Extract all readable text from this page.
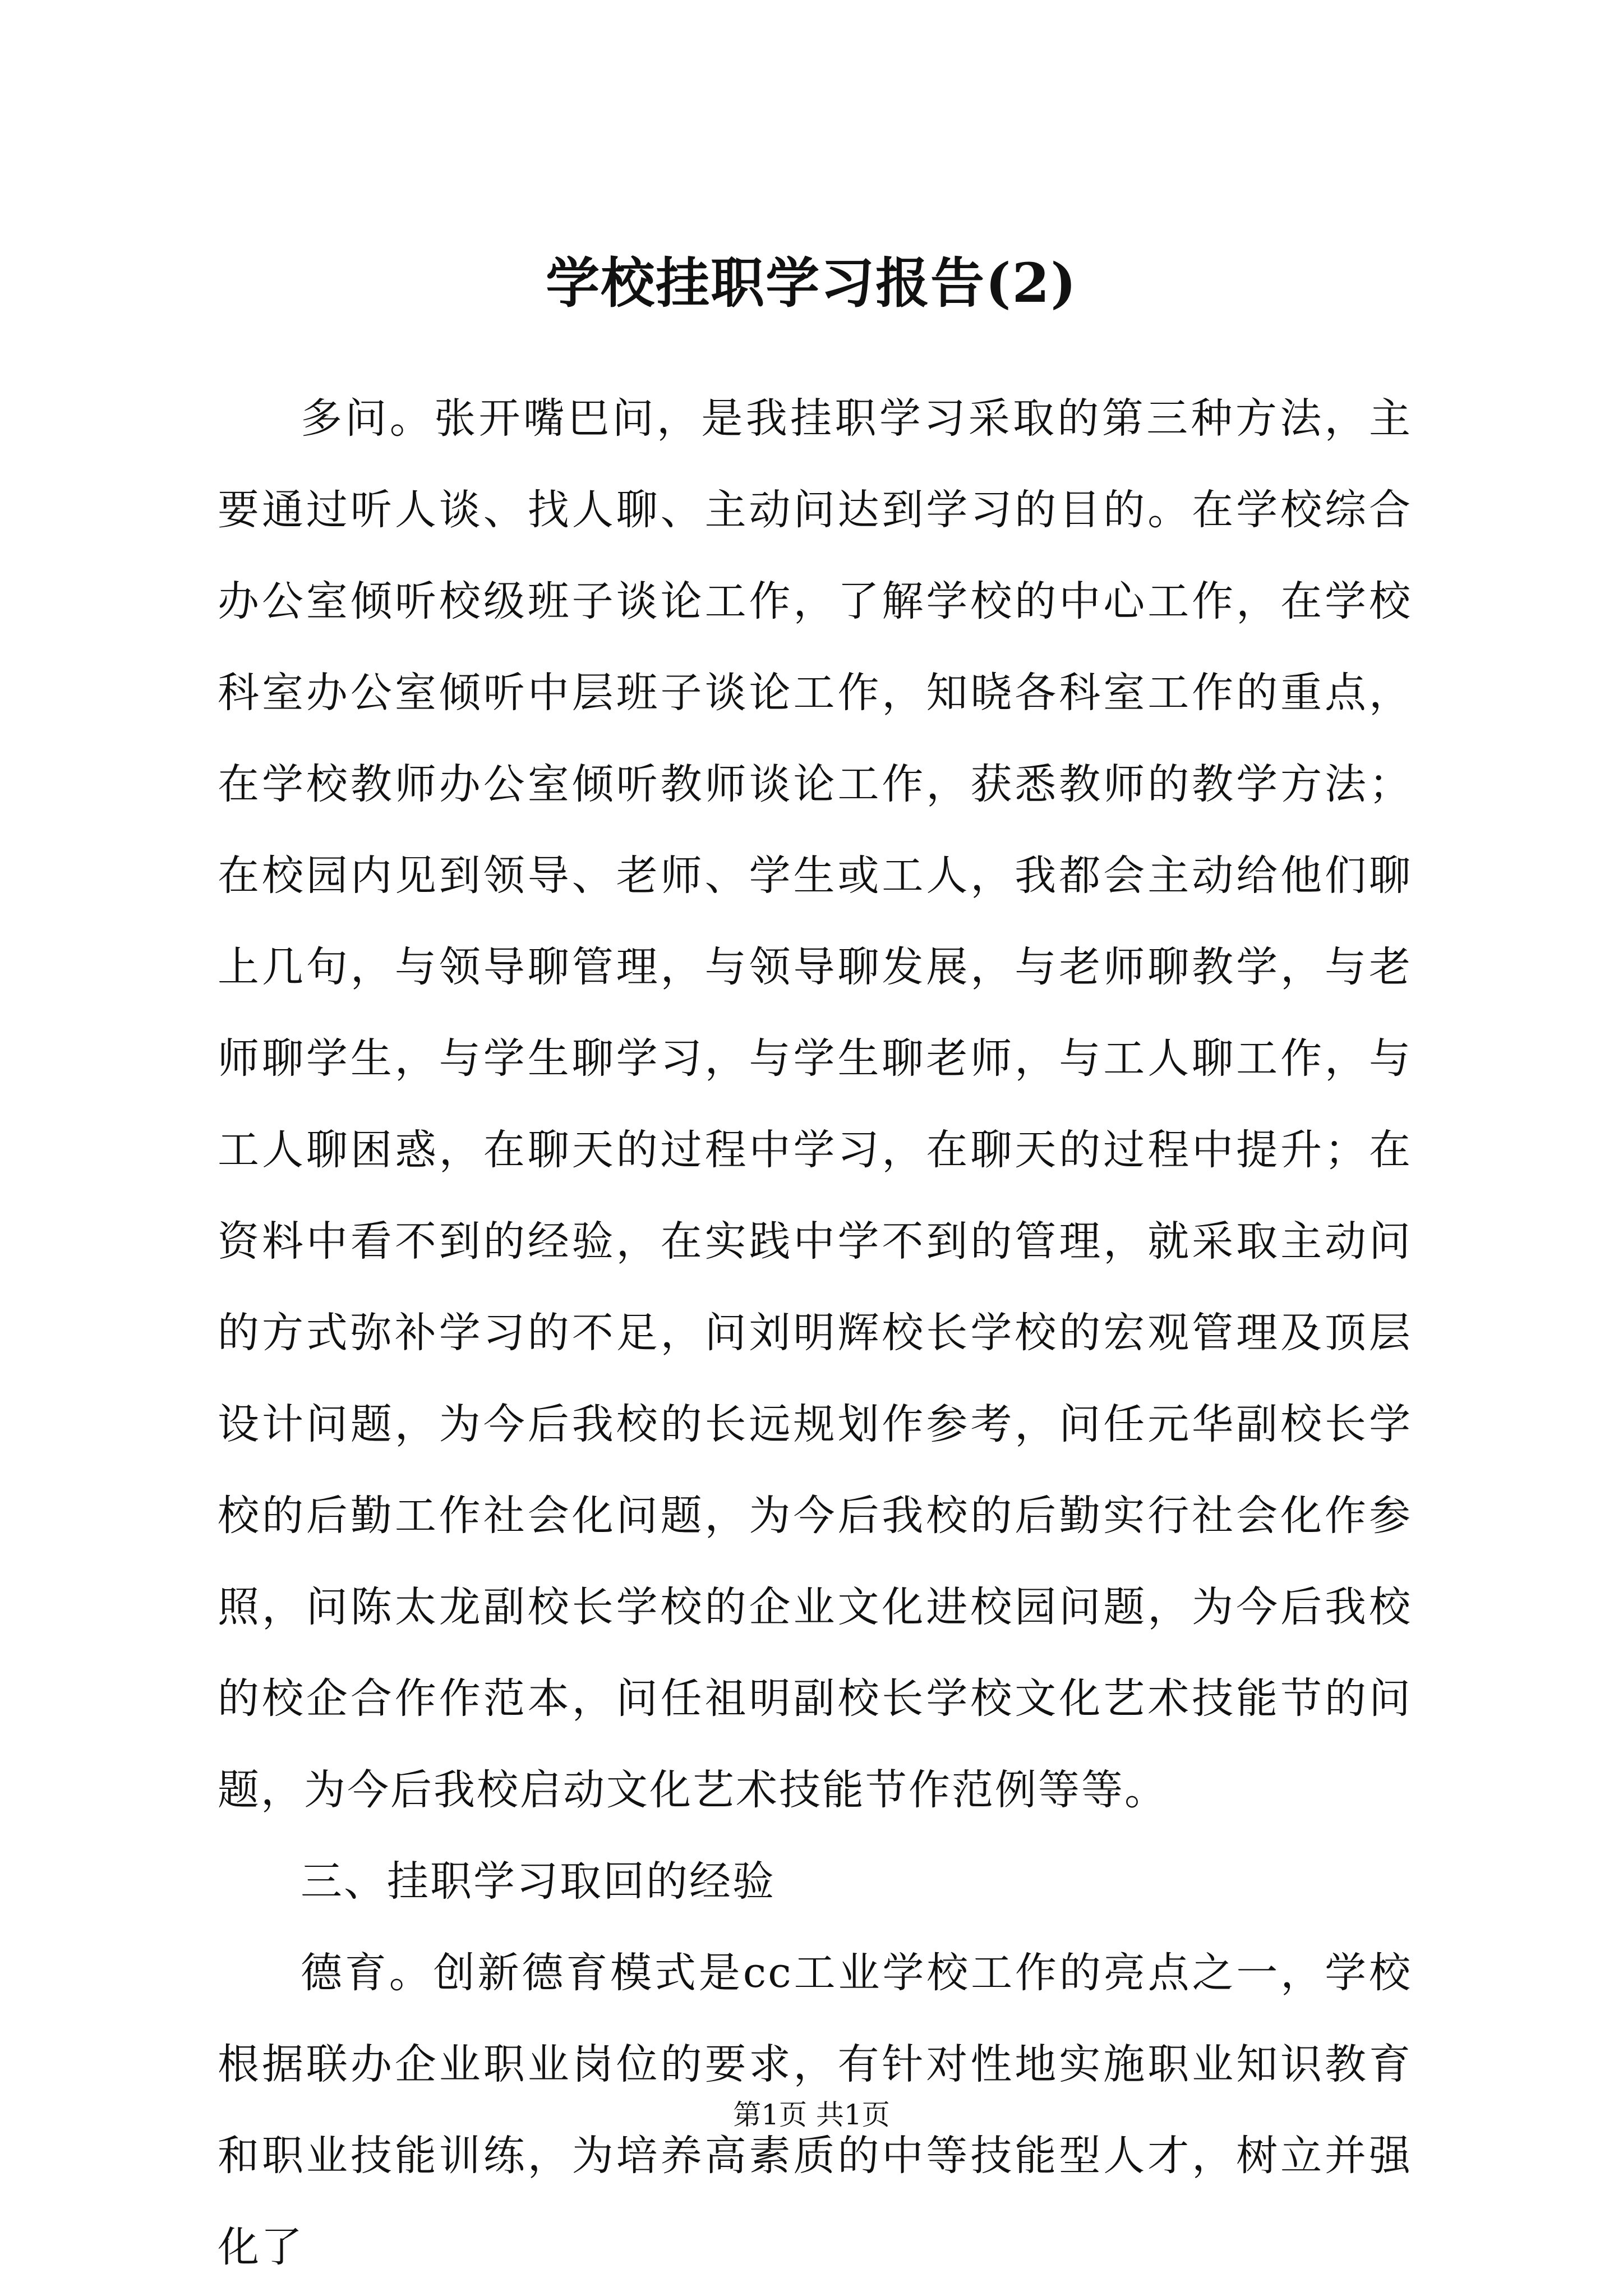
学校挂职学习报告(2)

多问。张开嘴巴问，是我挂职学习采取的第三种方法，主要通过听人谈、找人聊、主动问达到学习的目的。在学校综合办公室倾听校级班子谈论工作，了解学校的中心工作，在学校科室办公室倾听中层班子谈论工作，知晓各科室工作的重点，在学校教师办公室倾听教师谈论工作，获悉教师的教学方法；在校园内见到领导、老师、学生或工人，我都会主动给他们聊上几句，与领导聊管理，与领导聊发展，与老师聊教学，与老师聊学生，与学生聊学习，与学生聊老师，与工人聊工作，与工人聊困惑，在聊天的过程中学习，在聊天的过程中提升；在资料中看不到的经验，在实践中学不到的管理，就采取主动问的方式弥补学习的不足，问刘明辉校长学校的宏观管理及顶层设计问题，为今后我校的长远规划作参考，问任元华副校长学校的后勤工作社会化问题，为今后我校的后勤实行社会化作参照，问陈太龙副校长学校的企业文化进校园问题，为今后我校的校企合作作范本，问任祖明副校长学校文化艺术技能节的问题，为今后我校启动文化艺术技能节作范例等等。

三、挂职学习取回的经验

德育。创新德育模式是cc工业学校工作的亮点之一，学校根据联办企业职业岗位的要求，有针对性地实施职业知识教育和职业技能训练，为培养高素质的中等技能型人才，树立并强化了

第1页 共1页
